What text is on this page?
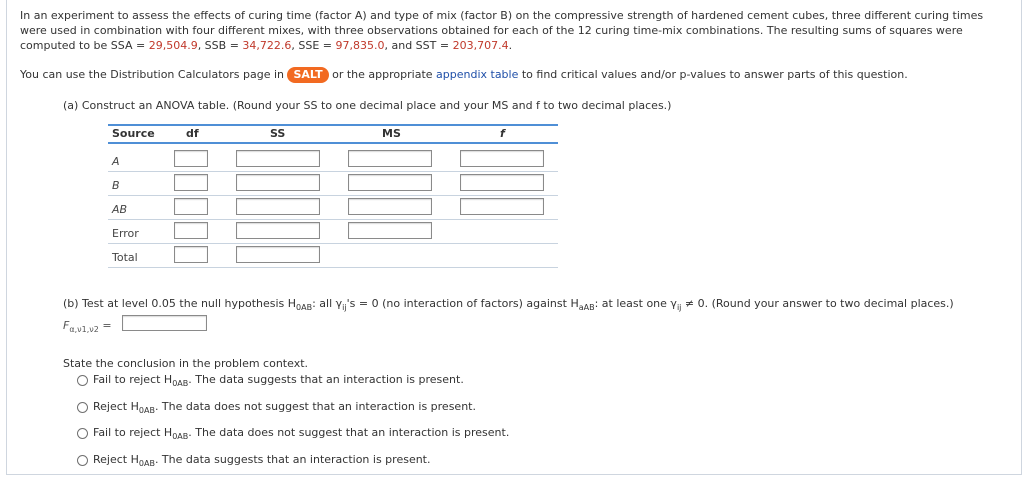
In an experiment to assess the effects of curing time (factor A) and type of mix (factor B) on the compressive strength of hardened cement cubes, three different curing times were used in combination with four different mixes, with three observations obtained for each of the 12 curing time-mix combinations. The resulting sums of squares were computed to be SSA = 29,504.9, SSB = 34,722.6, SSE = 97,835.0, and SST = 203,707.4.
You can use the Distribution Calculators page in SALT or the appropriate appendix table to find critical values and/or p-values to answer parts of this question.
(a) Construct an ANOVA table. (Round your SS to one decimal place and your MS and f to two decimal places.)
Source	df	SS	MS	f
A
B
AB
Error
Total
(b) Test at level 0.05 the null hypothesis $H_{0AB}$: all $\gamma_{ij}'s = 0$ (no interaction of factors) against $H_{aAB}$: at least one $\gamma_{ij} \ne 0$. (Round your answer to two decimal places.)
$F_{\alpha,\nu 1,\nu 2}$ =
State the conclusion in the problem context.
Fail to reject $H_{0AB}$. The data suggests that an interaction is present.
Reject $H_{0AB}$. The data does not suggest that an interaction is present.
Fail to reject $H_{0AB}$. The data does not suggest that an interaction is present.
Reject $H_{0AB}$. The data suggests that an interaction is present.
